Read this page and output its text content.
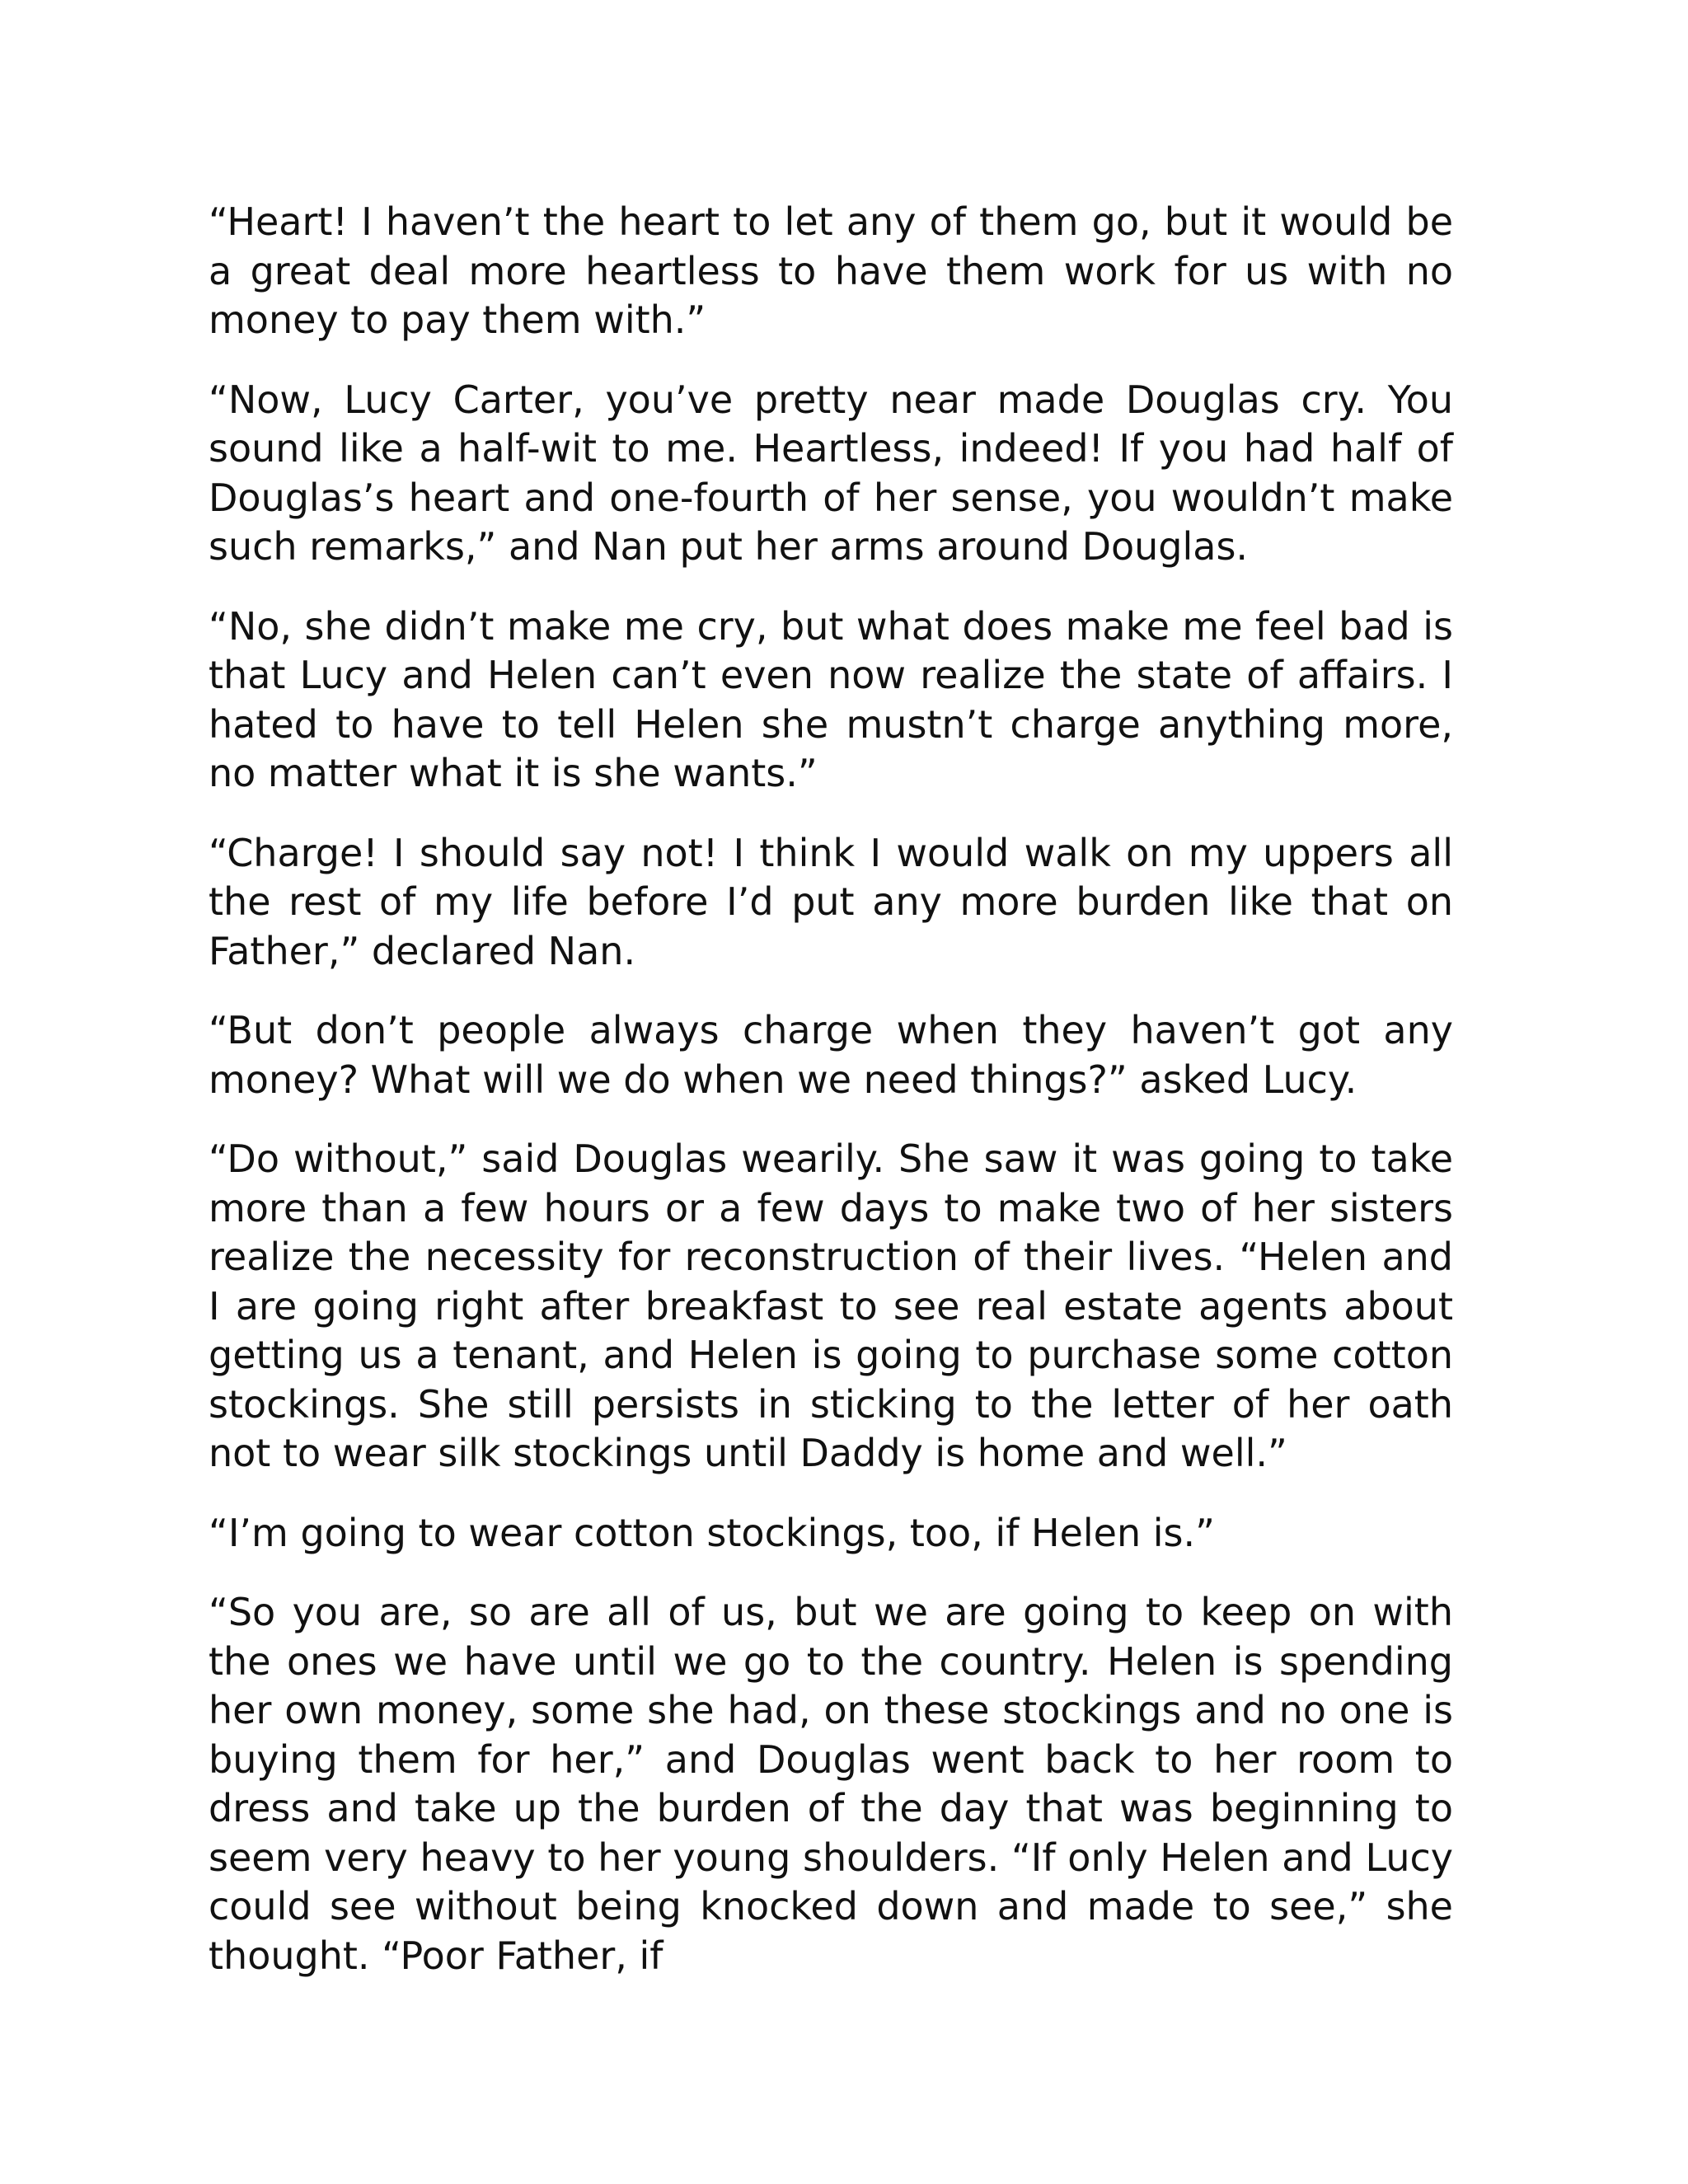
“Heart! I haven’t the heart to let any of them go, but it would be a great deal more heartless to have them work for us with no money to pay them with.”

“Now, Lucy Carter, you’ve pretty near made Douglas cry. You sound like a half-wit to me. Heartless, indeed! If you had half of Douglas’s heart and one-fourth of her sense, you wouldn’t make such remarks,” and Nan put her arms around Douglas.

“No, she didn’t make me cry, but what does make me feel bad is that Lucy and Helen can’t even now realize the state of affairs. I hated to have to tell Helen she mustn’t charge anything more, no matter what it is she wants.”

“Charge! I should say not! I think I would walk on my uppers all the rest of my life before I’d put any more burden like that on Father,” declared Nan.

“But don’t people always charge when they haven’t got any money? What will we do when we need things?” asked Lucy.

“Do without,” said Douglas wearily. She saw it was going to take more than a few hours or a few days to make two of her sisters realize the necessity for reconstruction of their lives. “Helen and I are going right after breakfast to see real estate agents about getting us a tenant, and Helen is going to purchase some cotton stockings. She still persists in sticking to the letter of her oath not to wear silk stockings until Daddy is home and well.”

“I’m going to wear cotton stockings, too, if Helen is.”

“So you are, so are all of us, but we are going to keep on with the ones we have until we go to the country. Helen is spending her own money, some she had, on these stockings and no one is buying them for her,” and Douglas went back to her room to dress and take up the burden of the day that was beginning to seem very heavy to her young shoulders. “If only Helen and Lucy could see without being knocked down and made to see,” she thought. “Poor Father, if
